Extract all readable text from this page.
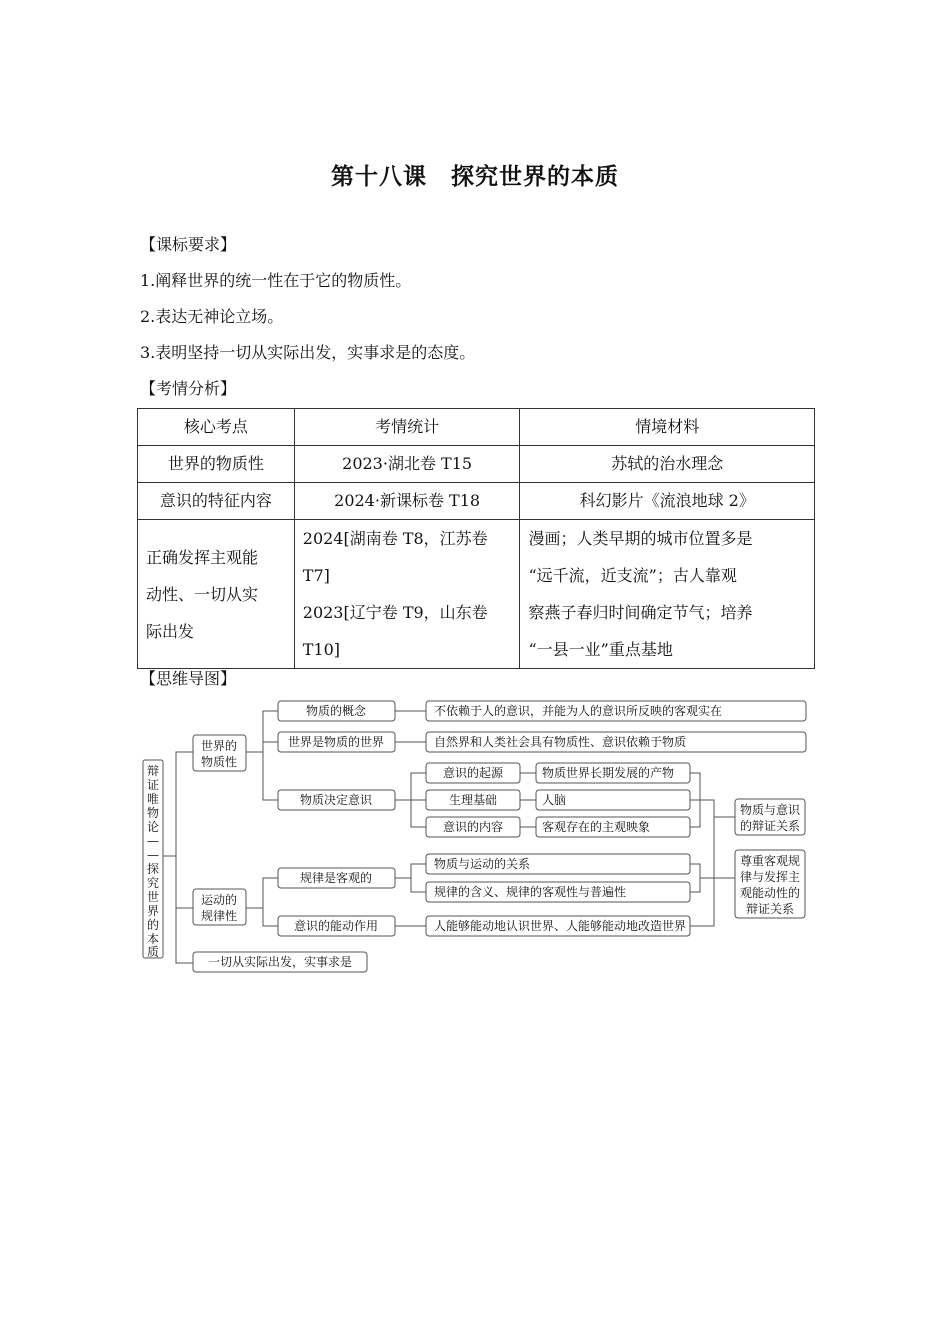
第十八课　探究世界的本质
【课标要求】
1.阐释世界的统一性在于它的物质性。
2.表达无神论立场。
3.表明坚持一切从实际出发，实事求是的态度。
【考情分析】
核心考点	考情统计	情境材料
世界的物质性	2023·湖北卷 T15	苏轼的治水理念
意识的特征内容	2024·新课标卷 T18	科幻影片《流浪地球 2》

正确发挥主观能
动性、一切从实
际出发	2024[湖南卷 T8，江苏卷
T7]
2023[辽宁卷 T9，山东卷
T10]	漫画；人类早期的城市位置多是
“远千流，近支流”；古人靠观
察燕子春归时间确定节气；培养
“一县一业”重点基地
【思维导图】
辩
证
唯
物
论
—
—
探
究
世
界
的
本
质
世界的
物质性
运动的
规律性
一切从实际出发，实事求是
物质的概念
世界是物质的世界
物质决定意识
规律是客观的
意识的能动作用
不依赖于人的意识，并能为人的意识所反映的客观实在
自然界和人类社会具有物质性、意识依赖于物质
意识的起源
生理基础
意识的内容
物质世界长期发展的产物
人脑
客观存在的主观映象
物质与运动的关系
规律的含义、规律的客观性与普遍性
人能够能动地认识世界、人能够能动地改造世界
物质与意识
的辩证关系
尊重客观规
律与发挥主
观能动性的
辩证关系
